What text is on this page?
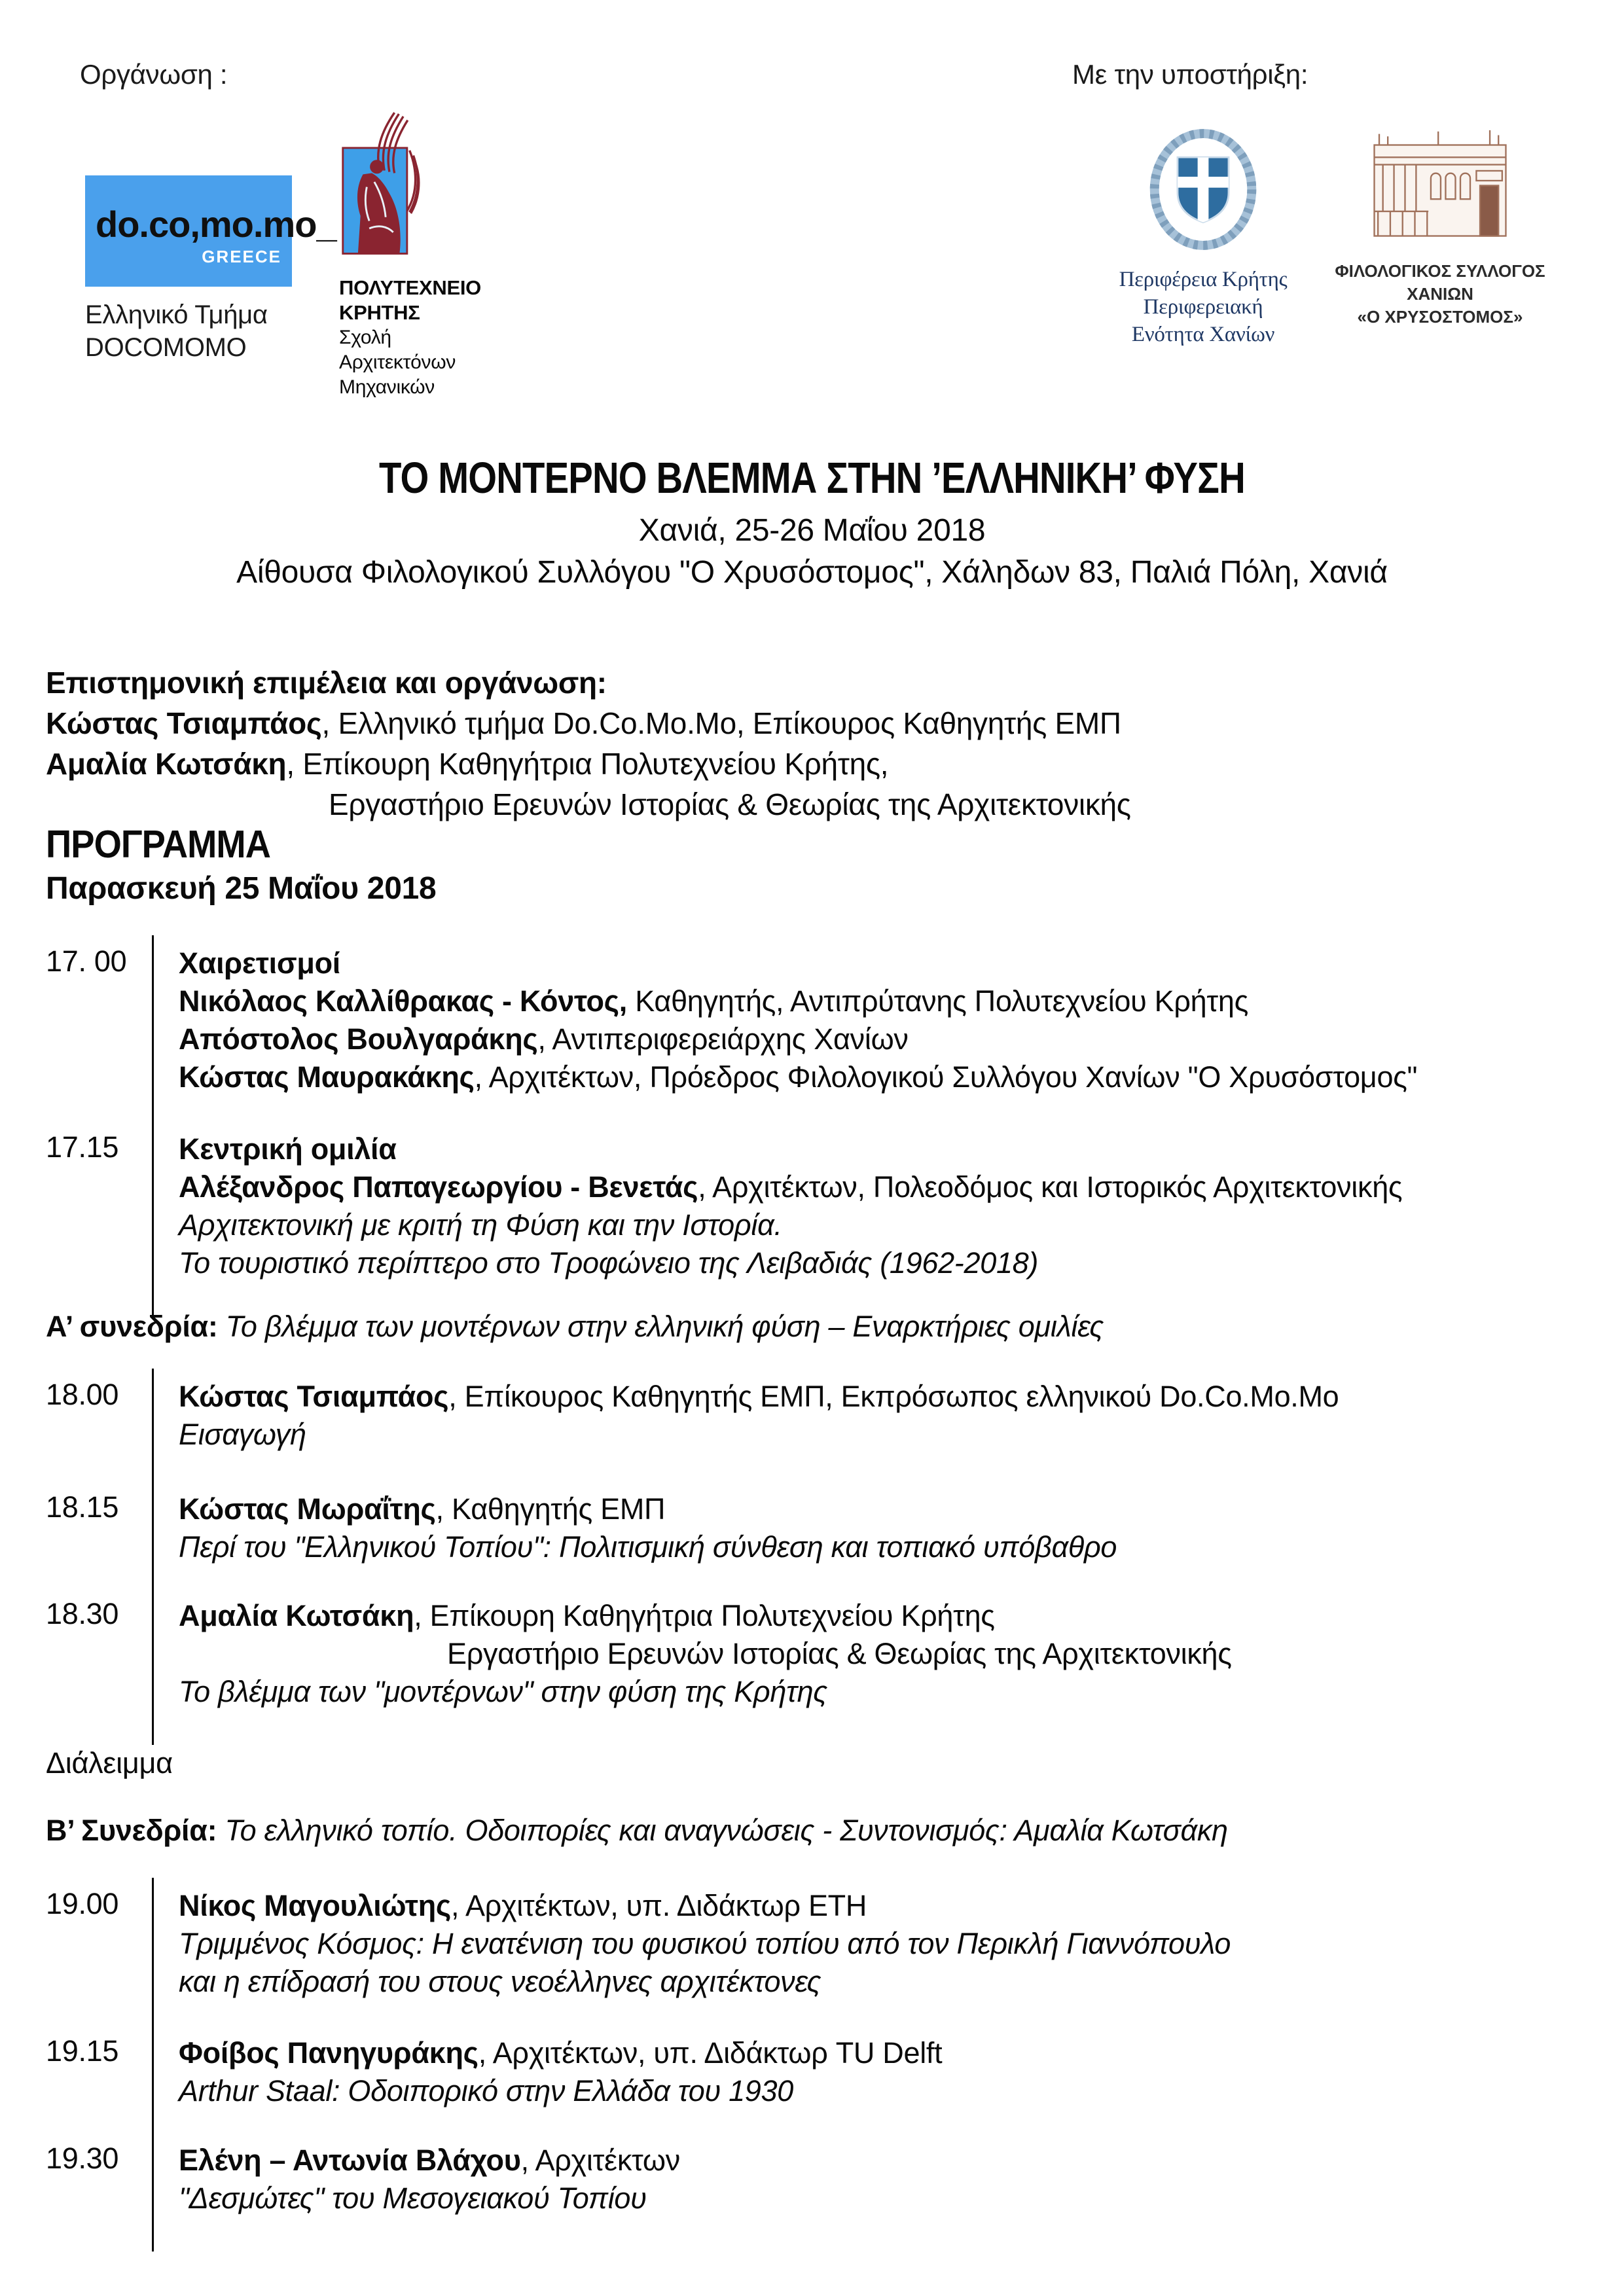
Οργάνωση :	Με την υποστήριξη:
do.co,mo.mo_
GREECE
Ελληνικό Τμήμα
DOCOMOMO
ΠΟΛΥΤΕΧΝΕΙΟ
ΚΡΗΤΗΣ
Σχολή
Αρχιτεκτόνων
Μηχανικών
Περιφέρεια Κρήτης
Περιφερειακή Ενότητα Χανίων
ΦΙΛΟΛΟΓΙΚΟΣ ΣΥΛΛΟΓΟΣ ΧΑΝΙΩΝ
«Ο ΧΡΥΣΟΣΤΟΜΟΣ»
ΤΟ ΜΟΝΤΕΡΝΟ ΒΛΕΜΜΑ ΣΤΗΝ ’ΕΛΛΗΝΙΚΗ’ ΦΥΣΗ
Χανιά, 25-26 Μαΐου 2018
Αίθουσα Φιλολογικού Συλλόγου "Ο Χρυσόστομος", Χάληδων 83, Παλιά Πόλη, Χανιά
Επιστημονική επιμέλεια και οργάνωση:
Κώστας Τσιαμπάος, Ελληνικό τμήμα Do.Co.Mo.Mo, Επίκουρος Καθηγητής ΕΜΠ
Αμαλία Κωτσάκη, Επίκουρη Καθηγήτρια Πολυτεχνείου Κρήτης,
Εργαστήριο Ερευνών Ιστορίας & Θεωρίας της Αρχιτεκτονικής
ΠΡΟΓΡΑΜΜΑ
Παρασκευή 25 Μαΐου 2018
17. 00	Χαιρετισμοί
Νικόλαος Καλλίθρακας - Κόντος, Καθηγητής, Αντιπρύτανης Πολυτεχνείου Κρήτης
Απόστολος Βουλγαράκης, Αντιπεριφερειάρχης Χανίων
Κώστας Μαυρακάκης, Αρχιτέκτων, Πρόεδρος Φιλολογικού Συλλόγου Χανίων "Ο Χρυσόστομος"
17.15	Κεντρική ομιλία
Αλέξανδρος Παπαγεωργίου - Βενετάς, Αρχιτέκτων, Πολεοδόμος και Ιστορικός Αρχιτεκτονικής
Αρχιτεκτονική με κριτή τη Φύση και την Ιστορία.
Το τουριστικό περίπτερο στο Τροφώνειο της Λειβαδιάς (1962-2018)
Α’ συνεδρία: Το βλέμμα των μοντέρνων στην ελληνική φύση – Εναρκτήριες ομιλίες
18.00	Κώστας Τσιαμπάος, Επίκουρος Καθηγητής ΕΜΠ, Εκπρόσωπος ελληνικού Do.Co.Mo.Mo
Εισαγωγή
18.15	Κώστας Μωραΐτης, Καθηγητής ΕΜΠ
Περί του "Ελληνικού Τοπίου": Πολιτισμική σύνθεση και τοπιακό υπόβαθρο
18.30	Αμαλία Κωτσάκη, Επίκουρη Καθηγήτρια Πολυτεχνείου Κρήτης
Εργαστήριο Ερευνών Ιστορίας & Θεωρίας της Αρχιτεκτονικής
Το βλέμμα των "μοντέρνων" στην φύση της Κρήτης
Διάλειμμα
Β’ Συνεδρία: Το ελληνικό τοπίο. Οδοιπορίες και αναγνώσεις - Συντονισμός: Αμαλία Κωτσάκη
19.00	Νίκος Μαγουλιώτης, Αρχιτέκτων, υπ. Διδάκτωρ ETH
Τριμμένος Κόσμος: Η ενατένιση του φυσικού τοπίου από τον Περικλή Γιαννόπουλο
και η επίδρασή του στους νεοέλληνες αρχιτέκτονες
19.15	Φοίβος Πανηγυράκης, Αρχιτέκτων, υπ. Διδάκτωρ TU Delft
Arthur Staal: Οδοιπορικό στην Ελλάδα του 1930
19.30	Ελένη – Αντωνία Βλάχου, Αρχιτέκτων
"Δεσμώτες" του Μεσογειακού Τοπίου
